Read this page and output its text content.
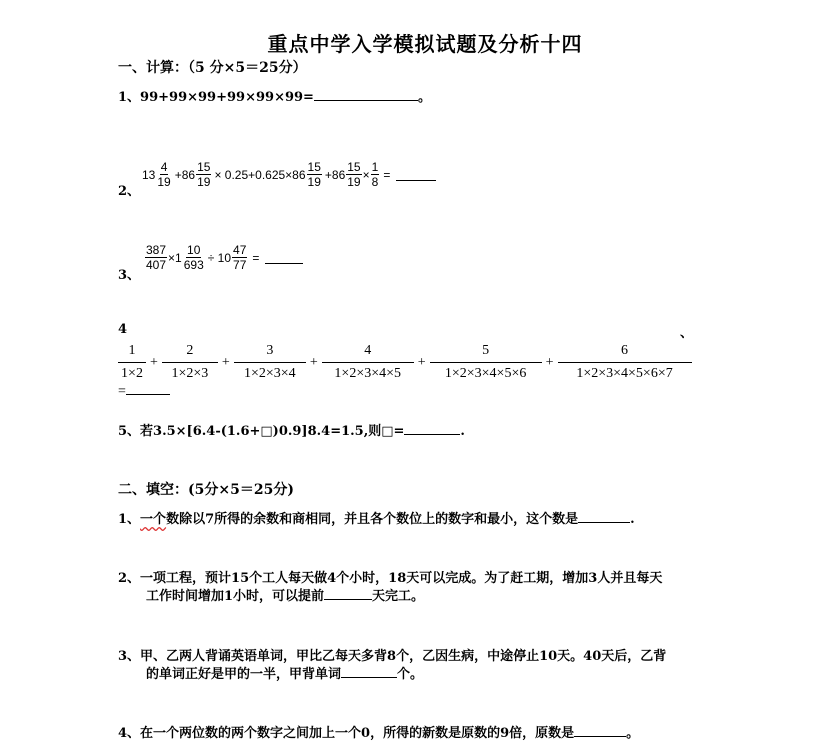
重点中学入学模拟试题及分析十四
一、计算：（5 分×5＝25分）
1、99+99×99+99×99×99=	。
2、
$13 \frac{4}{19} +86 \frac{15}{19} \times 0.25+0.625\times 86 \frac{15}{19} +86 \frac{15}{19} \times \frac{1}{8}$ =
3、
$\frac{387}{407} \times 1 \frac{10}{693} \div 10 \frac{47}{77}$ =
4	、
$\frac{1}{1\times 2} + \frac{2}{1\times 2\times 3} + \frac{3}{1\times 2\times 3\times 4} + \frac{4}{1\times 2\times 3\times 4\times 5} + \frac{5}{1\times 2\times 3\times 4\times 5\times 6} + \frac{6}{1\times 2\times 3\times 4\times 5\times 6\times 7}$
=
5、若3.5×[6.4-(1.6+□)0.9]8.4=1.5,则□=	.
二、填空：(5分×5＝25分)
1、一个数除以7所得的余数和商相同，并且各个数位上的数字和最小，这个数是	.
2、一项工程，预计15个工人每天做4个小时，18天可以完成。为了赶工期，增加3人并且每天
工作时间增加1小时，可以提前	天完工。
3、甲、乙两人背诵英语单词，甲比乙每天多背8个，乙因生病，中途停止10天。40天后，乙背
的单词正好是甲的一半，甲背单词	个。
4、在一个两位数的两个数字之间加上一个0，所得的新数是原数的9倍，原数是	。
